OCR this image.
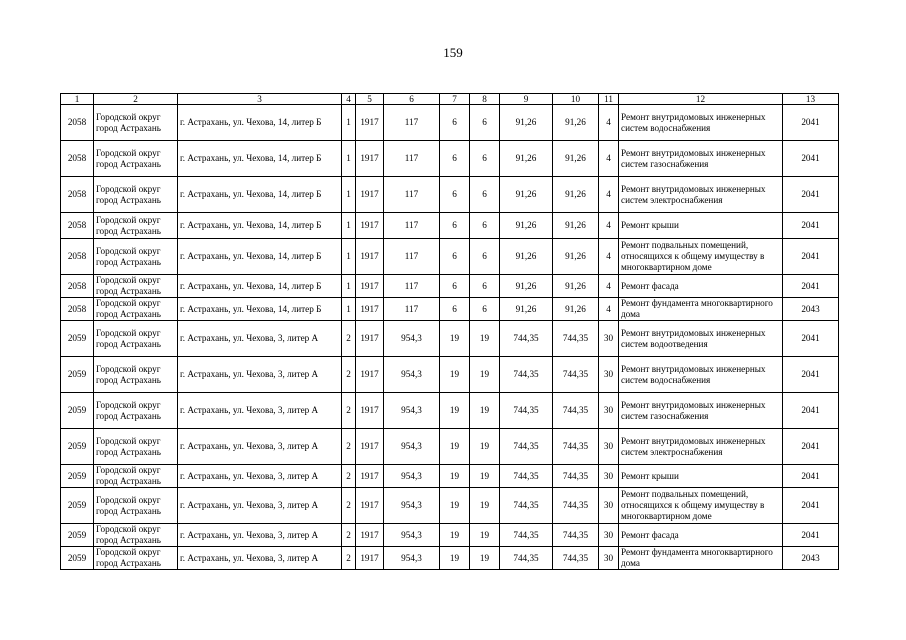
159
1	2	3	4	5	6	7	8	9	10	11	12	13
2058	Городской округ город Астрахань	г. Астрахань, ул. Чехова, 14, литер Б	1	1917	117	6	6	91,26	91,26	4	Ремонт внутридомовых инженерных систем водоснабжения	2041
2058	Городской округ город Астрахань	г. Астрахань, ул. Чехова, 14, литер Б	1	1917	117	6	6	91,26	91,26	4	Ремонт внутридомовых инженерных систем газоснабжения	2041
2058	Городской округ город Астрахань	г. Астрахань, ул. Чехова, 14, литер Б	1	1917	117	6	6	91,26	91,26	4	Ремонт внутридомовых инженерных систем электроснабжения	2041
2058	Городской округ город Астрахань	г. Астрахань, ул. Чехова, 14, литер Б	1	1917	117	6	6	91,26	91,26	4	Ремонт крыши	2041
2058	Городской округ город Астрахань	г. Астрахань, ул. Чехова, 14, литер Б	1	1917	117	6	6	91,26	91,26	4	Ремонт подвальных помещений, относящихся к общему имуществу в многоквартирном доме	2041
2058	Городской округ город Астрахань	г. Астрахань, ул. Чехова, 14, литер Б	1	1917	117	6	6	91,26	91,26	4	Ремонт фасада	2041
2058	Городской округ город Астрахань	г. Астрахань, ул. Чехова, 14, литер Б	1	1917	117	6	6	91,26	91,26	4	Ремонт фундамента многоквартирного дома	2043
2059	Городской округ город Астрахань	г. Астрахань, ул. Чехова, 3, литер А	2	1917	954,3	19	19	744,35	744,35	30	Ремонт внутридомовых инженерных систем водоотведения	2041
2059	Городской округ город Астрахань	г. Астрахань, ул. Чехова, 3, литер А	2	1917	954,3	19	19	744,35	744,35	30	Ремонт внутридомовых инженерных систем водоснабжения	2041
2059	Городской округ город Астрахань	г. Астрахань, ул. Чехова, 3, литер А	2	1917	954,3	19	19	744,35	744,35	30	Ремонт внутридомовых инженерных систем газоснабжения	2041
2059	Городской округ город Астрахань	г. Астрахань, ул. Чехова, 3, литер А	2	1917	954,3	19	19	744,35	744,35	30	Ремонт внутридомовых инженерных систем электроснабжения	2041
2059	Городской округ город Астрахань	г. Астрахань, ул. Чехова, 3, литер А	2	1917	954,3	19	19	744,35	744,35	30	Ремонт крыши	2041
2059	Городской округ город Астрахань	г. Астрахань, ул. Чехова, 3, литер А	2	1917	954,3	19	19	744,35	744,35	30	Ремонт подвальных помещений, относящихся к общему имуществу в многоквартирном доме	2041
2059	Городской округ город Астрахань	г. Астрахань, ул. Чехова, 3, литер А	2	1917	954,3	19	19	744,35	744,35	30	Ремонт фасада	2041
2059	Городской округ город Астрахань	г. Астрахань, ул. Чехова, 3, литер А	2	1917	954,3	19	19	744,35	744,35	30	Ремонт фундамента многоквартирного дома	2043
